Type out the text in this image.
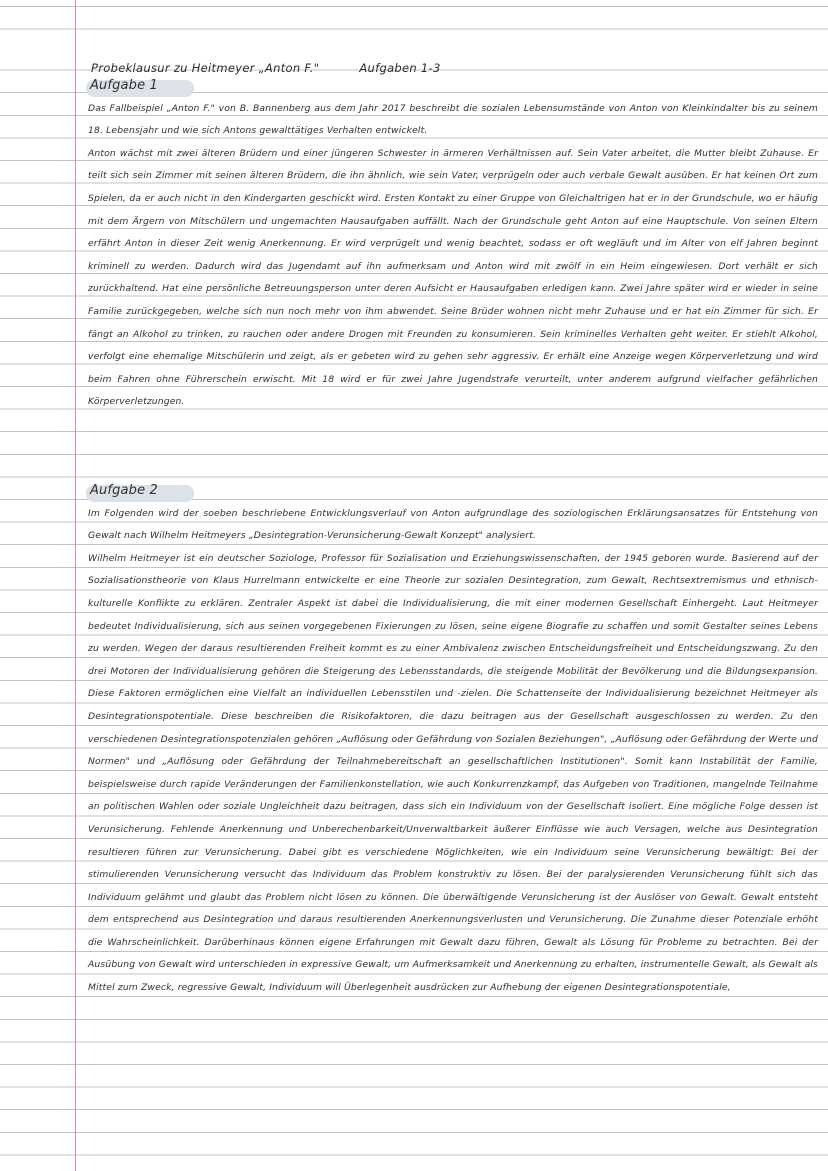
Probeklausur zu Heitmeyer „Anton F."	Aufgaben 1-3
Aufgabe 1

Das Fallbeispiel „Anton F." von B. Bannenberg aus dem Jahr 2017 beschreibt die sozialen Lebensumstände von Anton von Kleinkindalter bis zu seinem 18. Lebensjahr und wie sich Antons gewalttätiges Verhalten entwickelt.

Anton wächst mit zwei älteren Brüdern und einer jüngeren Schwester in ärmeren Verhältnissen auf. Sein Vater arbeitet, die Mutter bleibt Zuhause. Er teilt sich sein Zimmer mit seinen älteren Brüdern, die ihn ähnlich, wie sein Vater, verprügeln oder auch verbale Gewalt ausüben. Er hat keinen Ort zum Spielen, da er auch nicht in den Kindergarten geschickt wird. Ersten Kontakt zu einer Gruppe von Gleichaltrigen hat er in der Grundschule, wo er häufig mit dem Ärgern von Mitschülern und ungemachten Hausaufgaben auffällt. Nach der Grundschule geht Anton auf eine Hauptschule. Von seinen Eltern erfährt Anton in dieser Zeit wenig Anerkennung. Er wird verprügelt und wenig beachtet, sodass er oft wegläuft und im Alter von elf Jahren beginnt kriminell zu werden. Dadurch wird das Jugendamt auf ihn aufmerksam und Anton wird mit zwölf in ein Heim eingewiesen. Dort verhält er sich zurückhaltend. Hat eine persönliche Betreuungsperson unter deren Aufsicht er Hausaufgaben erledigen kann. Zwei Jahre später wird er wieder in seine Familie zurückgegeben, welche sich nun noch mehr von ihm abwendet. Seine Brüder wohnen nicht mehr Zuhause und er hat ein Zimmer für sich. Er fängt an Alkohol zu trinken, zu rauchen oder andere Drogen mit Freunden zu konsumieren. Sein kriminelles Verhalten geht weiter. Er stiehlt Alkohol, verfolgt eine ehemalige Mitschülerin und zeigt, als er gebeten wird zu gehen sehr aggressiv. Er erhält eine Anzeige wegen Körperverletzung und wird beim Fahren ohne Führerschein erwischt. Mit 18 wird er für zwei Jahre Jugendstrafe verurteilt, unter anderem aufgrund vielfacher gefährlichen Körperverletzungen.

Aufgabe 2

Im Folgenden wird der soeben beschriebene Entwicklungsverlauf von Anton aufgrundlage des soziologischen Erklärungsansatzes für Entstehung von Gewalt nach Wilhelm Heitmeyers „Desintegration-Verunsicherung-Gewalt Konzept" analysiert.

Wilhelm Heitmeyer ist ein deutscher Soziologe, Professor für Sozialisation und Erziehungswissenschaften, der 1945 geboren wurde. Basierend auf der Sozialisationstheorie von Klaus Hurrelmann entwickelte er eine Theorie zur sozialen Desintegration, zum Gewalt, Rechtsextremismus und ethnisch-kulturelle Konflikte zu erklären. Zentraler Aspekt ist dabei die Individualisierung, die mit einer modernen Gesellschaft Einhergeht. Laut Heitmeyer bedeutet Individualisierung, sich aus seinen vorgegebenen Fixierungen zu lösen, seine eigene Biografie zu schaffen und somit Gestalter seines Lebens zu werden. Wegen der daraus resultierenden Freiheit kommt es zu einer Ambivalenz zwischen Entscheidungsfreiheit und Entscheidungszwang. Zu den drei Motoren der Individualisierung gehören die Steigerung des Lebensstandards, die steigende Mobilität der Bevölkerung und die Bildungsexpansion. Diese Faktoren ermöglichen eine Vielfalt an individuellen Lebensstilen und -zielen. Die Schattenseite der Individualisierung bezeichnet Heitmeyer als Desintegrationspotentiale. Diese beschreiben die Risikofaktoren, die dazu beitragen aus der Gesellschaft ausgeschlossen zu werden. Zu den verschiedenen Desintegrationspotenzialen gehören „Auflösung oder Gefährdung von Sozialen Beziehungen", „Auflösung oder Gefährdung der Werte und Normen" und „Auflösung oder Gefährdung der Teilnahmebereitschaft an gesellschaftlichen Institutionen". Somit kann Instabilität der Familie, beispielsweise durch rapide Veränderungen der Familienkonstellation, wie auch Konkurrenzkampf, das Aufgeben von Traditionen, mangelnde Teilnahme an politischen Wahlen oder soziale Ungleichheit dazu beitragen, dass sich ein Individuum von der Gesellschaft isoliert. Eine mögliche Folge dessen ist Verunsicherung. Fehlende Anerkennung und Unberechenbarkeit/Unverwaltbarkeit äußerer Einflüsse wie auch Versagen, welche aus Desintegration resultieren führen zur Verunsicherung. Dabei gibt es verschiedene Möglichkeiten, wie ein Individuum seine Verunsicherung bewältigt: Bei der stimulierenden Verunsicherung versucht das Individuum das Problem konstruktiv zu lösen. Bei der paralysierenden Verunsicherung fühlt sich das Individuum gelähmt und glaubt das Problem nicht lösen zu können. Die überwältigende Verunsicherung ist der Auslöser von Gewalt. Gewalt entsteht dem entsprechend aus Desintegration und daraus resultierenden Anerkennungsverlusten und Verunsicherung. Die Zunahme dieser Potenziale erhöht die Wahrscheinlichkeit. Darüberhinaus können eigene Erfahrungen mit Gewalt dazu führen, Gewalt als Lösung für Probleme zu betrachten. Bei der Ausübung von Gewalt wird unterschieden in expressive Gewalt, um Aufmerksamkeit und Anerkennung zu erhalten, instrumentelle Gewalt, als Gewalt als Mittel zum Zweck, regressive Gewalt, Individuum will Überlegenheit ausdrücken zur Aufhebung der eigenen Desintegrationspotentiale,
